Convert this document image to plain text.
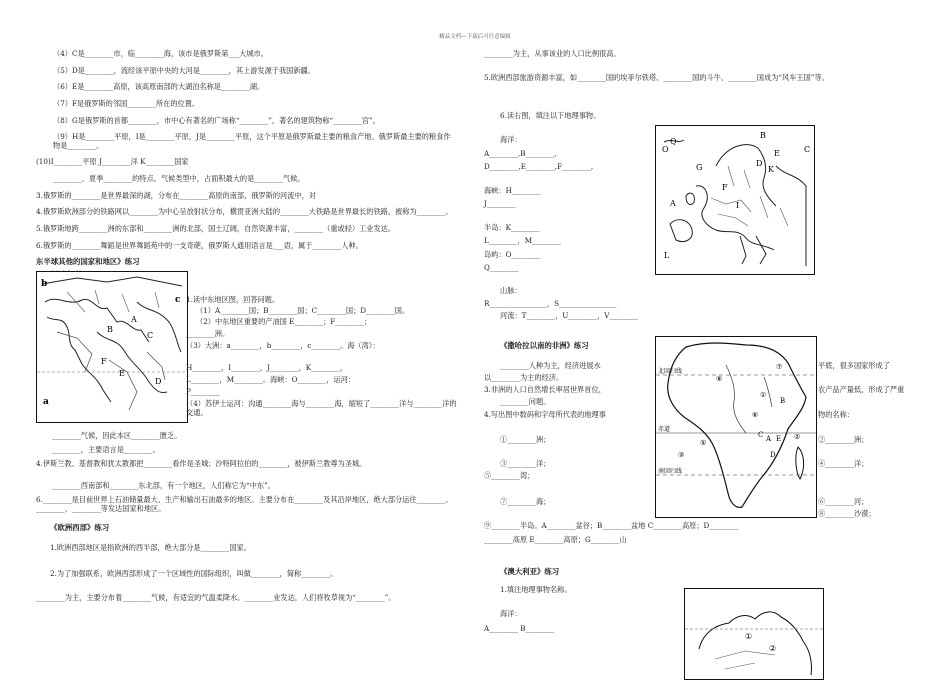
精品文档---下载后可任意编辑

（4）C是________市，临________海，该市是俄罗斯第___大城市。

（5）D是________，流经该平原中央的大河是________，其上游发源于我国新疆。

（6）E是________高原，该高原南部的大湖泊名称是________湖。

（7）F是俄罗斯的邻国________所在的位置。

（8）G是俄罗斯的首都________，市中心有著名的广场称“________”，著名的建筑物称“________宫”。

（9）H是________平原，I是________平原，J是________平原，这个平原是俄罗斯最主要的粮食产地。俄罗斯最主要的粮食作物是________。

(10)I________平原 J________洋 K________国家

________、夏季________的特点。气候类型中，占面积最大的是________气候。

3.俄罗斯的________是世界最深的湖，分布在________高原的南部，俄罗斯的河流中，对

4.俄罗斯欧洲部分的铁路网以________为中心呈放射状分布，横贯亚洲大陆的________大铁路是世界最长的铁路，被称为________。

5.俄罗斯地跨________洲的东部和________洲的北部，国土辽阔，自然资源丰富，________（重或轻）工业发达。

6.俄罗斯的________舞蹈是世界舞蹈苑中的一支奇葩，俄罗斯人通用语言是___语，属于________人种。

东半球其他的国家和地区》练习
b
c
a
A
B
C
D
E
F
1.读中东地区图，回答问题。
（1）A________国；B________国；C________国；D________国。
（2）中东地区重要的产油国 E________；F________；
________洲。
（3）大洲：a________，b________，c________。海（湾）：
H________，I________，J________，K________，
L________，M________。海峡：O________，运河：
P________
（4）苏伊士运河：沟通________海与________海，缩短了________洋与________洋的交通。
________气候，因此本区________匮乏。
________，主要语言是________。
4.伊斯兰教、基督教和犹太教都把________看作是圣城；沙特阿拉伯的________，被伊斯兰教尊为圣城。
________西南部和________东北部，有一个地区，人们称它为“中东”。
6.________是目前世界上石油储量最大、生产和输出石油最多的地区。主要分布在________及其沿岸地区，绝大部分运往________、________、________等发达国家和地区。
《欧洲西部》练习
1.欧洲西部地区是指欧洲的西半部，绝大部分是________国家。
2.为了加强联系，欧洲西部形成了一个区域性的国际组织，叫做________，简称________。
________为主，主要分布着________气候，有适宜的气温柔降水。________业发达，人们将牧草视为“________”。
________为主，从事该业的人口比例很高。
5.欧洲西部旅游资源丰富，如________国的埃菲尔铁塔、________国的斗牛、________国成为“风车王国”等。
6.读右图，填注以下地理事物。
海洋：
A________,B________,
D________,E________,F________,
海峡：H________
J________
半岛：K________
L________，M________
岛屿：O________
Q________
山脉：
R________________，S________________
河流：T________，U________，V________
B
C
A
D
E
F
G
I
K
O
Q
L
《撒哈拉以南的非洲》练习
________人种为主，经济进展水
以________为主的经济。
3.非洲的人口自然增长率居世界首位，
________问题。
4.写出图中数码和字母所代表的地理事
平底，很多国家形成了
农产品产量低，形成了严重
物的名称：
①________洲；	②________洲；
③________洋；	④________洋；
⑤________湾；
⑥________河；
⑦________海；
⑧________沙漠；
⑨________半岛。A________盆谷；B________盆地 C________高原；D________
________高原 E________高原；G________山
北回归线
赤道
南回归线
①
②
③
⑤
⑥
⑦
⑧
B
C
D
A E
《澳大利亚》练习
1.填注地理事物名称。
海洋：
A________ B________
①
②
